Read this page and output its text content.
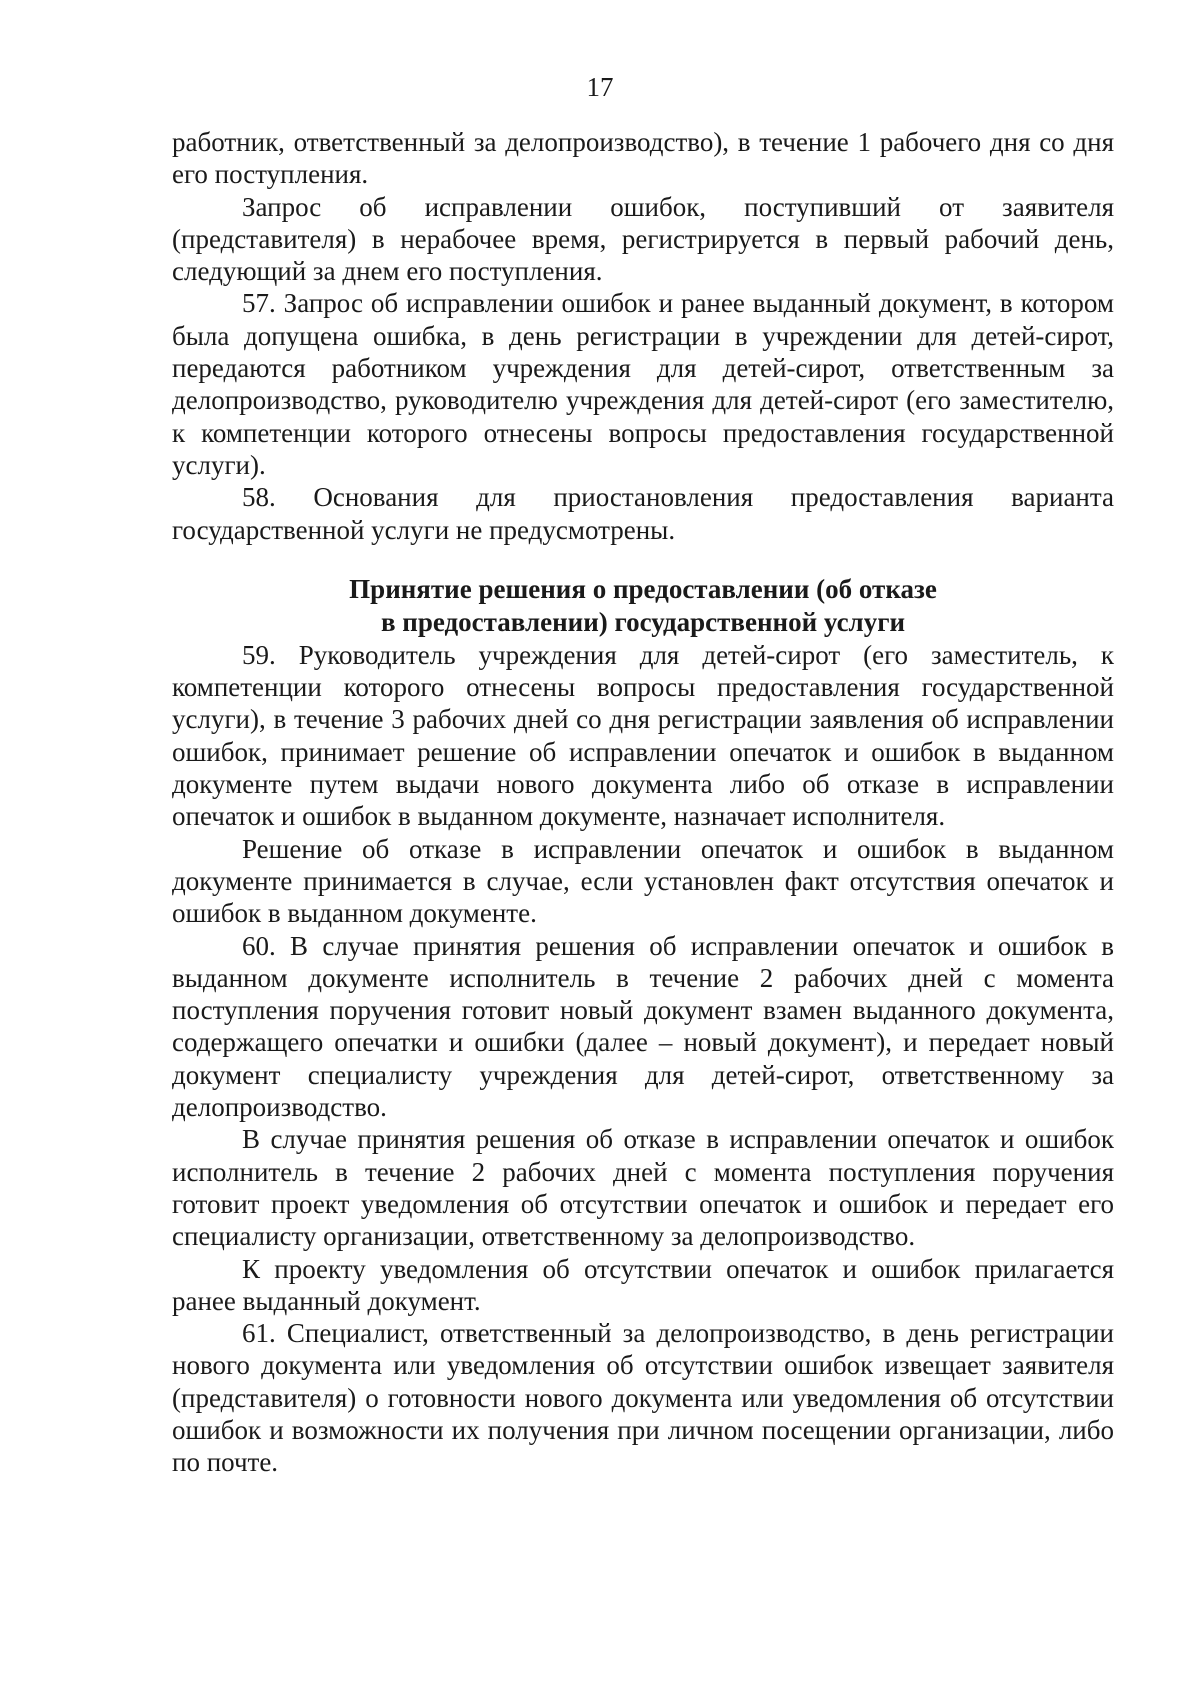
17

работник, ответственный за делопроизводство), в течение 1 рабочего дня со дня его поступления.

Запрос об исправлении ошибок, поступивший от заявителя (представителя) в нерабочее время, регистрируется в первый рабочий день, следующий за днем его поступления.

57. Запрос об исправлении ошибок и ранее выданный документ, в котором была допущена ошибка, в день регистрации в учреждении для детей-сирот, передаются работником учреждения для детей-сирот, ответственным за делопроизводство, руководителю учреждения для детей-сирот (его заместителю, к компетенции которого отнесены вопросы предоставления государственной услуги).

58. Основания для приостановления предоставления варианта государственной услуги не предусмотрены.

Принятие решения о предоставлении (об отказе
в предоставлении) государственной услуги

59. Руководитель учреждения для детей-сирот (его заместитель, к компетенции которого отнесены вопросы предоставления государственной услуги), в течение 3 рабочих дней со дня регистрации заявления об исправлении ошибок, принимает решение об исправлении опечаток и ошибок в выданном документе путем выдачи нового документа либо об отказе в исправлении опечаток и ошибок в выданном документе, назначает исполнителя.

Решение об отказе в исправлении опечаток и ошибок в выданном документе принимается в случае, если установлен факт отсутствия опечаток и ошибок в выданном документе.

60. В случае принятия решения об исправлении опечаток и ошибок в выданном документе исполнитель в течение 2 рабочих дней с момента поступления поручения готовит новый документ взамен выданного документа, содержащего опечатки и ошибки (далее – новый документ), и передает новый документ специалисту учреждения для детей-сирот, ответственному за делопроизводство.

В случае принятия решения об отказе в исправлении опечаток и ошибок исполнитель в течение 2 рабочих дней с момента поступления поручения готовит проект уведомления об отсутствии опечаток и ошибок и передает его специалисту организации, ответственному за делопроизводство.

К проекту уведомления об отсутствии опечаток и ошибок прилагается ранее выданный документ.

61. Специалист, ответственный за делопроизводство, в день регистрации нового документа или уведомления об отсутствии ошибок извещает заявителя (представителя) о готовности нового документа или уведомления об отсутствии ошибок и возможности их получения при личном посещении организации, либо по почте.
